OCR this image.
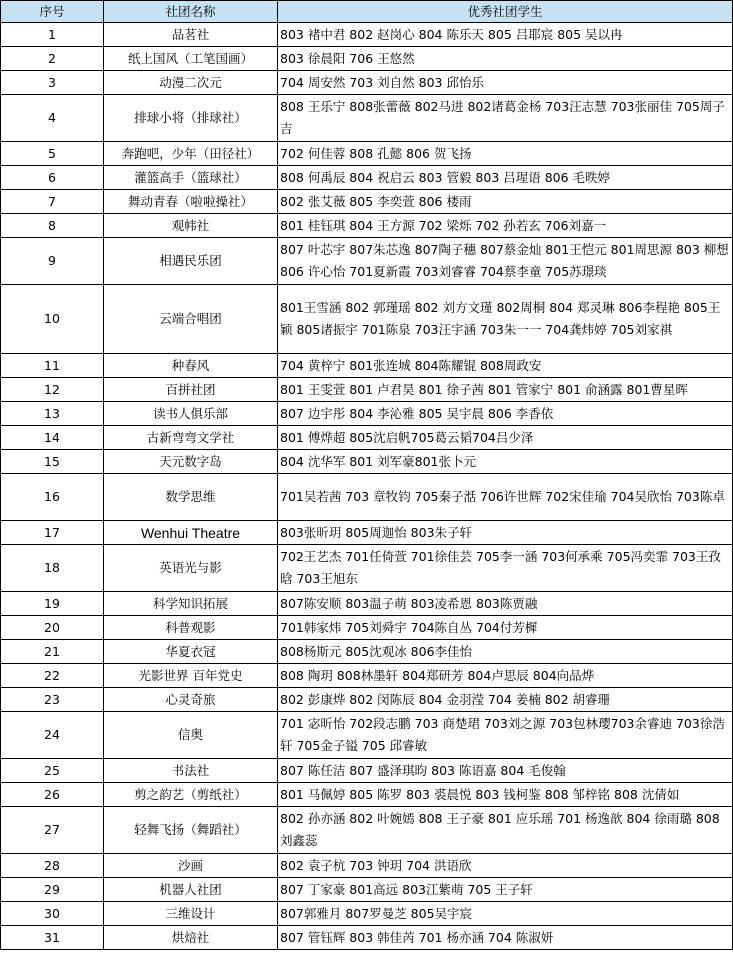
序号	社团名称	优秀社团学生
1	品茗社	803 褚中君 802 赵岗心 804 陈乐天 805 吕耶宸 805 吴以冉
2	纸上国风（工笔国画）	803 徐晨阳 706 王悠然
3	动漫二次元	704 周安然 703 刘自然 803 邱怡乐
4	排球小将（排球社）	808 王乐宁 808张蕾薇 802马进 802诸葛金杨 703汪志慧 703张丽佳 705周子吉
5	奔跑吧，少年（田径社）	702 何佳蓉 808 孔懿 806 贺飞扬
6	灌篮高手（篮球社）	808 何禹辰 804 祝启云 803 管毅 803 吕瑆语 806 毛昳婷
7	舞动青春（啦啦操社）	802 张艾薇 805 李奕萱 806 楼雨
8	观帏社	801 桂钰琪 804 王方源 702 梁烁 702 孙若玄 706刘嘉一
9	相遇民乐团	807 叶芯宇 807朱芯逸 807陶子穗 807蔡金灿 801王恺元 801周思源 803 柳想 806 许心怡 701夏新霞 703刘睿睿 704蔡李童 705苏璟琰
10	云端合唱团	801王雪涵 802 郭瑾瑶 802 刘方文瑾 802周桐 804 郑灵琳 806李程艳 805王颖 805诸振宇 701陈泉 703汪宇涵 703朱一一 704龚炜婷 705刘家祺
11	种春风	704 黄梓宁 801张连城 804陈耀锟 808周政安
12	百拼社团	801 王雯萱 801 卢君昊 801 徐子茜 801 管家宁 801 俞涵露 801曹星晖
13	读书人俱乐部	807 边宇彤 804 李沁雅 805 吴宇晨 806 李香依
14	古新弯弯文学社	801 傅烨超 805沈启帆705葛云韬704吕少泽
15	天元数字岛	804 沈华军 801 刘军豪801张卜元
16	数学思维	701吴若茜 703 章牧钧 705秦子湉 706许世辉 702宋佳瑜 704吴欣怡 703陈卓
17	Wenhui Theatre	803张昕玥 805周迦怡 803朱子轩
18	英语光与影	702王艺杰 701任倚萱 701徐佳芸 705李一涵 703何承乘 705冯奕霏 703王孜晗 703王旭东
19	科学知识拓展	807陈安顺 803温子萌 803凌希恩 803陈贾融
20	科普观影	701韩家炜 705刘舜宇 704陈自丛 704付芳樨
21	华夏衣冠	808杨斯元 805沈观冰 806李佳怡
22	光影世界 百年党史	808 陶玥 808林墨轩 804郑研芳 804卢思辰 804向品烨
23	心灵奇旅	802 彭康烨 802 闵陈辰 804 金羽滢 704 姜楠 802 胡睿珊
24	信奥	701 宓昕怡 702段志鹏 703 商楚珺 703刘之源 703包林璎703余睿迪 703徐浩轩 705金子镒 705 邱睿敏
25	书法社	807 陈任洁 807 盛泽琪昀 803 陈语嘉 804 毛俊翰
26	剪之韵艺（剪纸社）	801 马佩婷 805 陈罗 803 裘晨悦 803 钱柯鉴 808 邹梓铭 808 沈倩如
27	轻舞飞扬（舞蹈社）	802 孙亦涵 802 叶婉嫣 808 王子豪 801 应乐瑶 701 杨逸歆 804 徐雨璐 808刘鑫蕊
28	沙画	802 袁子杭 703 钟玥 704 洪语欣
29	机器人社团	807 丁家豪 801高远 803江紫萌 705 王子轩
30	三维设计	807郭雅月 807罗曼芝 805吴宇宸
31	烘焙社	807 管钰辉 803 韩佳芮 701 杨亦涵 704 陈淑妍
